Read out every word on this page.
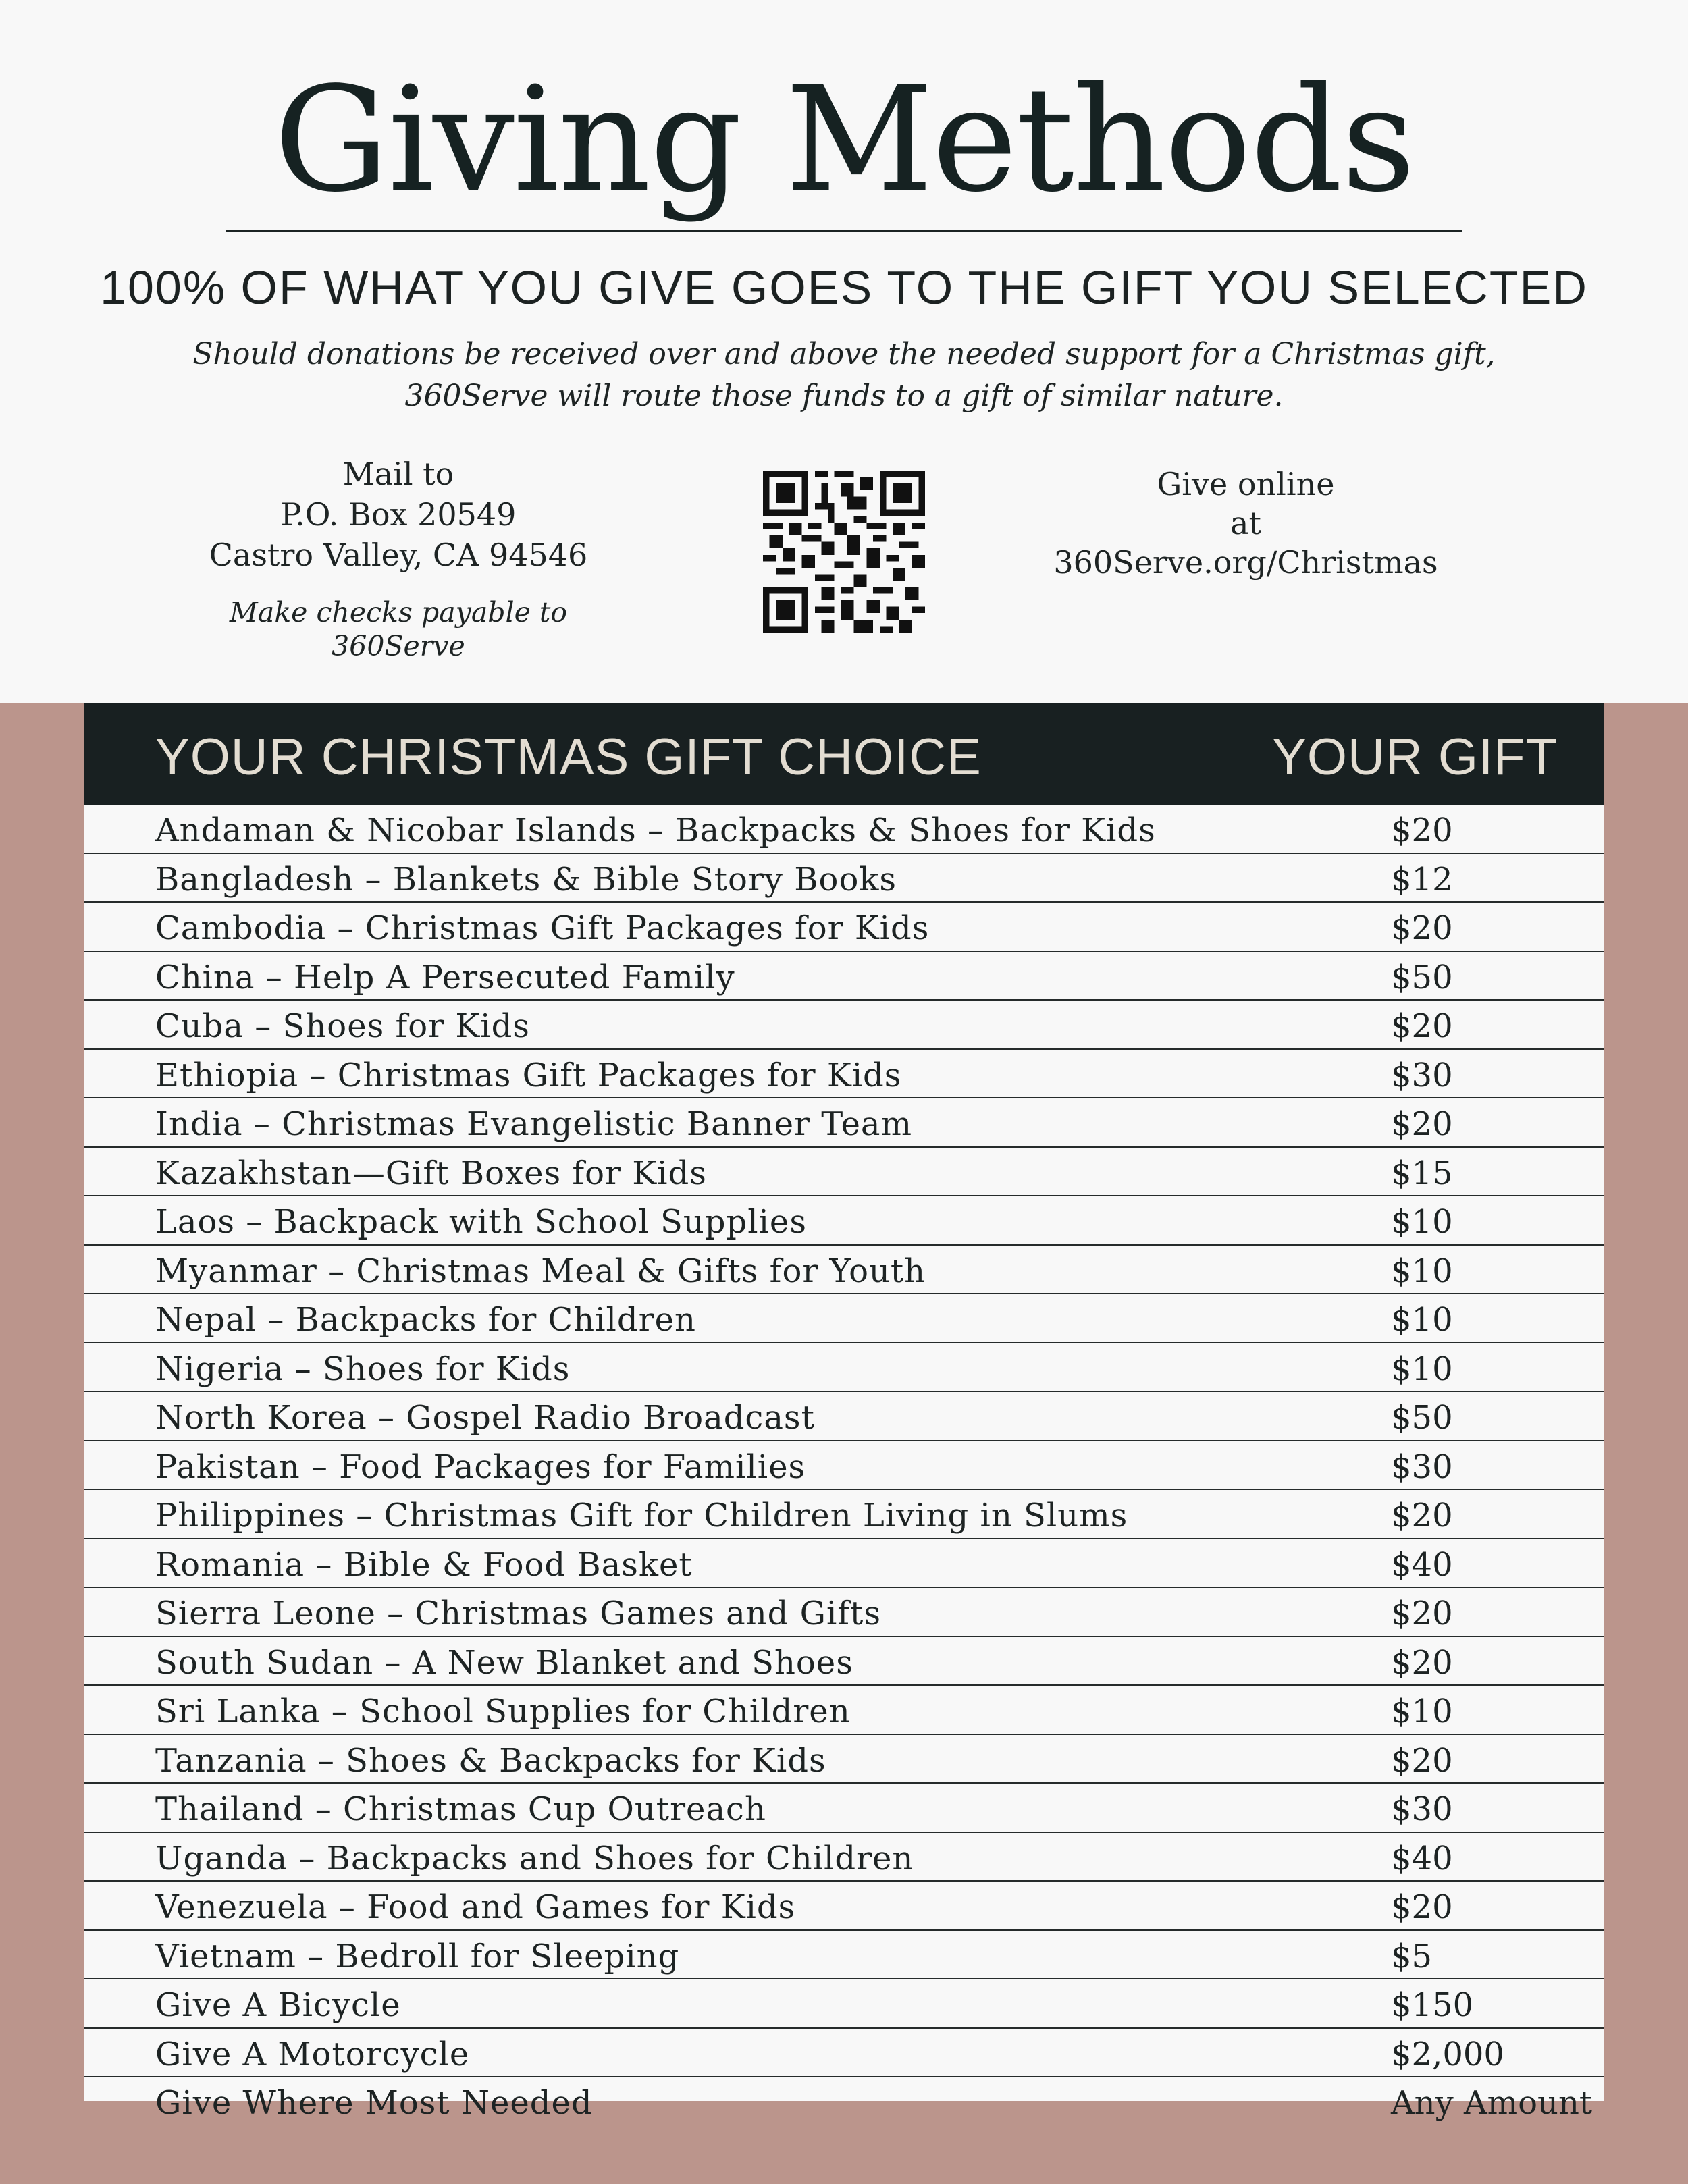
Giving Methods
100% OF WHAT YOU GIVE GOES TO THE GIFT YOU SELECTED
Should donations be received over and above the needed support for a Christmas gift,
360Serve will route those funds to a gift of similar nature.
Mail to
P.O. Box 20549
Castro Valley, CA 94546
Make checks payable to 360Serve
Give online
at
360Serve.org/Christmas
YOUR CHRISTMAS GIFT CHOICE	YOUR GIFT
Andaman & Nicobar Islands – Backpacks & Shoes for Kids	$20
Bangladesh – Blankets & Bible Story Books	$12
Cambodia – Christmas Gift Packages for Kids	$20
China – Help A Persecuted Family	$50
Cuba – Shoes for Kids	$20
Ethiopia – Christmas Gift Packages for Kids	$30
India – Christmas Evangelistic Banner Team	$20
Kazakhstan—Gift Boxes for Kids	$15
Laos – Backpack with School Supplies	$10
Myanmar – Christmas Meal & Gifts for Youth	$10
Nepal – Backpacks for Children	$10
Nigeria – Shoes for Kids	$10
North Korea – Gospel Radio Broadcast	$50
Pakistan – Food Packages for Families	$30
Philippines – Christmas Gift for Children Living in Slums	$20
Romania – Bible & Food Basket	$40
Sierra Leone – Christmas Games and Gifts	$20
South Sudan – A New Blanket and Shoes	$20
Sri Lanka – School Supplies for Children	$10
Tanzania – Shoes & Backpacks for Kids	$20
Thailand – Christmas Cup Outreach	$30
Uganda – Backpacks and Shoes for Children	$40
Venezuela – Food and Games for Kids	$20
Vietnam – Bedroll for Sleeping	$5
Give A Bicycle	$150
Give A Motorcycle	$2,000
Give Where Most Needed	Any Amount
